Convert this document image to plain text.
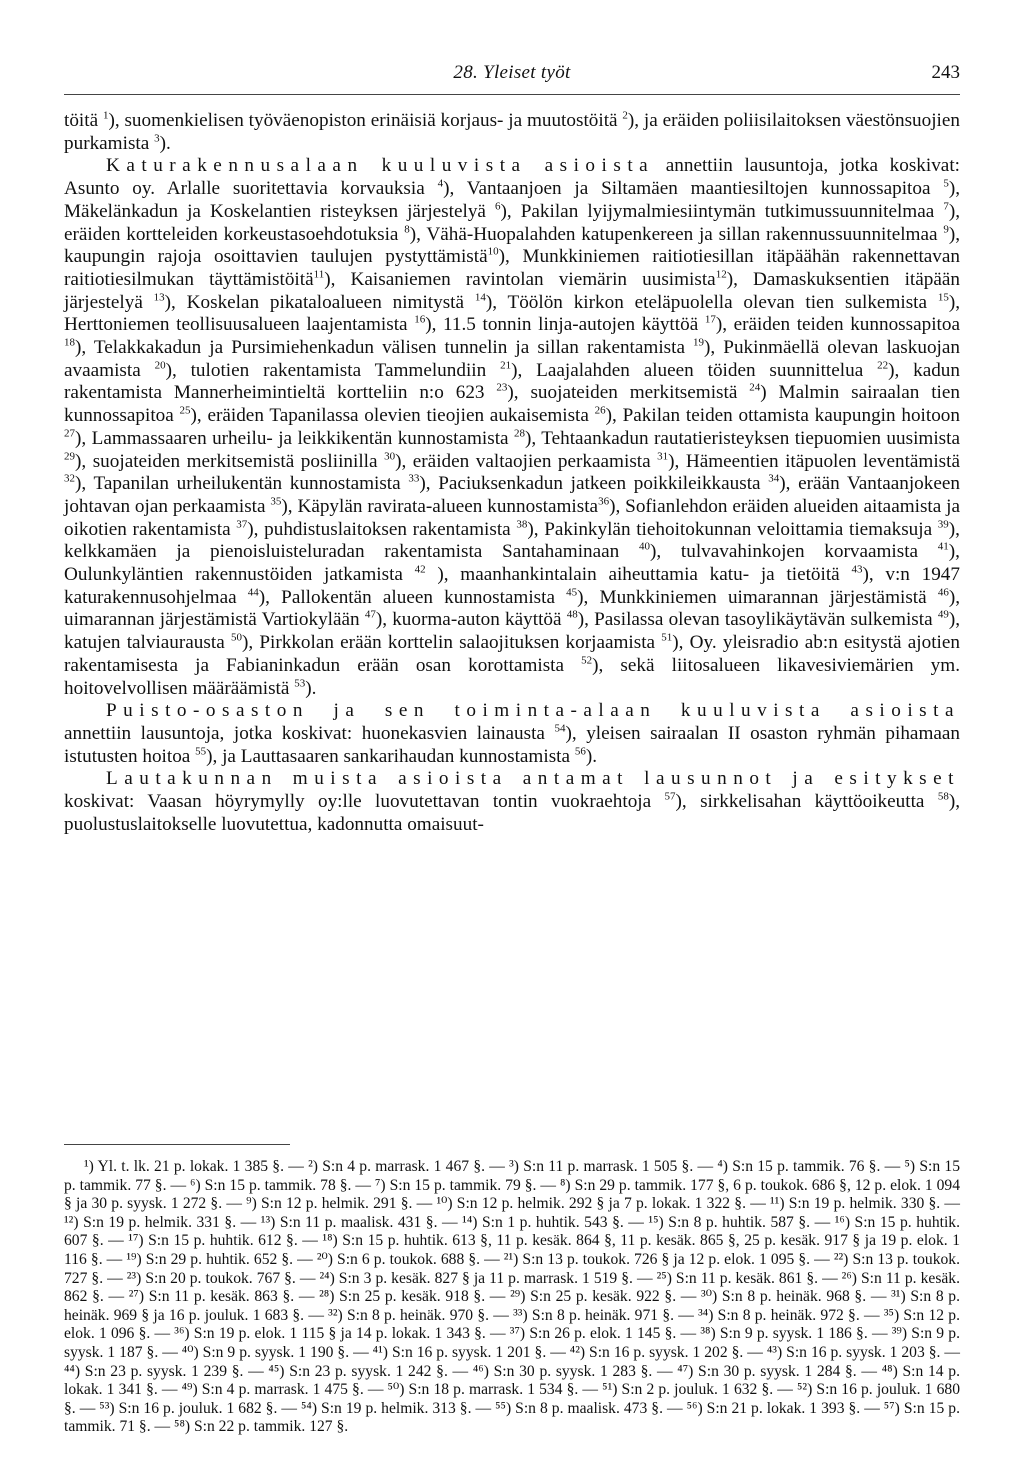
28. Yleiset työt	243

töitä $^1$), suomenkielisen työväenopiston erinäisiä korjaus- ja muutostöitä $^2$), ja eräiden poliisilaitoksen väestönsuojien purkamista $^3$).

Katurakennusalaan kuuluvista asioista annettiin lausuntoja, jotka koskivat: Asunto oy. Arlalle suoritettavia korvauksia $^4$), Vantaanjoen ja Siltamäen maantiesiltojen kunnossapitoa $^5$), Mäkelänkadun ja Koskelantien risteyksen järjestelyä $^6$), Pakilan lyijymalmiesiintymän tutkimussuunnitelmaa $^7$), eräiden kortteleiden korkeustasoehdotuksia $^8$), Vähä-Huopalahden katupenkereen ja sillan rakennussuunnitelmaa $^9$), kaupungin rajoja osoittavien taulujen pystyttämistä$^{10}$), Munkkiniemen raitiotiesillan itäpäähän rakennettavan raitiotiesilmukan täyttämistöitä$^{11}$), Kaisaniemen ravintolan viemärin uusimista$^{12}$), Damaskuksentien itäpään järjestelyä $^{13}$), Koskelan pikataloalueen nimitystä $^{14}$), Töölön kirkon eteläpuolella olevan tien sulkemista $^{15}$), Herttoniemen teollisuusalueen laajentamista $^{16}$), 11.5 tonnin linja-autojen käyttöä $^{17}$), eräiden teiden kunnossapitoa $^{18}$), Telakkakadun ja Pursimiehenkadun välisen tunnelin ja sillan rakentamista $^{19}$), Pukinmäellä olevan laskuojan avaamista $^{20}$), tulotien rakentamista Tammelundiin $^{21}$), Laajalahden alueen töiden suunnittelua $^{22}$), kadun rakentamista Mannerheimintieltä kortteliin n:o 623 $^{23}$), suojateiden merkitsemistä $^{24}$) Malmin sairaalan tien kunnossapitoa $^{25}$), eräiden Tapanilassa olevien tieojien aukaisemista $^{26}$), Pakilan teiden ottamista kaupungin hoitoon $^{27}$), Lammassaaren urheilu- ja leikkikentän kunnostamista $^{28}$), Tehtaankadun rautatieristeyksen tiepuomien uusimista $^{29}$), suojateiden merkitsemistä posliinilla $^{30}$), eräiden valtaojien perkaamista $^{31}$), Hämeentien itäpuolen leventämistä $^{32}$), Tapanilan urheilukentän kunnostamista $^{33}$), Paciuksenkadun jatkeen poikkileikkausta $^{34}$), erään Vantaanjokeen johtavan ojan perkaamista $^{35}$), Käpylän ravirata-alueen kunnostamista$^{36}$), Sofianlehdon eräiden alueiden aitaamista ja oikotien rakentamista $^{37}$), puhdistuslaitoksen rakentamista $^{38}$), Pakinkylän tiehoitokunnan veloittamia tiemaksuja $^{39}$), kelkkamäen ja pienoisluisteluradan rakentamista Santahaminaan $^{40}$), tulvavahinkojen korvaamista $^{41}$), Oulunkyläntien rakennustöiden jatkamista $^{42}$ ), maanhankintalain aiheuttamia katu- ja tietöitä $^{43}$), v:n 1947 katurakennusohjelmaa $^{44}$), Pallokentän alueen kunnostamista $^{45}$), Munkkiniemen uimarannan järjestämistä $^{46}$), uimarannan järjestämistä Vartiokylään $^{47}$), kuorma-auton käyttöä $^{48}$), Pasilassa olevan tasoylikäytävän sulkemista $^{49}$), katujen talviaurausta $^{50}$), Pirkkolan erään korttelin salaojituksen korjaamista $^{51}$), Oy. yleisradio ab:n esitystä ajotien rakentamisesta ja Fabianinkadun erään osan korottamista $^{52}$), sekä liitosalueen likavesiviemärien ym. hoitovelvollisen määräämistä $^{53}$).

Puisto-osaston ja sen toiminta-alaan kuuluvista asioista annettiin lausuntoja, jotka koskivat: huonekasvien lainausta $^{54}$), yleisen sairaalan II osaston ryhmän pihamaan istutusten hoitoa $^{55}$), ja Lauttasaaren sankarihaudan kunnostamista $^{56}$).

Lautakunnan muista asioista antamat lausunnot ja esitykset koskivat: Vaasan höyrymylly oy:lle luovutettavan tontin vuokraehtoja $^{57}$), sirkkelisahan käyttöoikeutta $^{58}$), puolustuslaitokselle luovutettua, kadonnutta omaisuut-

¹) Yl. t. lk. 21 p. lokak. 1 385 §. — ²) S:n 4 p. marrask. 1 467 §. — ³) S:n 11 p. marrask. 1 505 §. — ⁴) S:n 15 p. tammik. 76 §. — ⁵) S:n 15 p. tammik. 77 §. — ⁶) S:n 15 p. tammik. 78 §. — ⁷) S:n 15 p. tammik. 79 §. — ⁸) S:n 29 p. tammik. 177 §, 6 p. toukok. 686 §, 12 p. elok. 1 094 § ja 30 p. syysk. 1 272 §. — ⁹) S:n 12 p. helmik. 291 §. — ¹⁰) S:n 12 p. helmik. 292 § ja 7 p. lokak. 1 322 §. — ¹¹) S:n 19 p. helmik. 330 §. — ¹²) S:n 19 p. helmik. 331 §. — ¹³) S:n 11 p. maalisk. 431 §. — ¹⁴) S:n 1 p. huhtik. 543 §. — ¹⁵) S:n 8 p. huhtik. 587 §. — ¹⁶) S:n 15 p. huhtik. 607 §. — ¹⁷) S:n 15 p. huhtik. 612 §. — ¹⁸) S:n 15 p. huhtik. 613 §, 11 p. kesäk. 864 §, 11 p. kesäk. 865 §, 25 p. kesäk. 917 § ja 19 p. elok. 1 116 §. — ¹⁹) S:n 29 p. huhtik. 652 §. — ²⁰) S:n 6 p. toukok. 688 §. — ²¹) S:n 13 p. toukok. 726 § ja 12 p. elok. 1 095 §. — ²²) S:n 13 p. toukok. 727 §. — ²³) S:n 20 p. toukok. 767 §. — ²⁴) S:n 3 p. kesäk. 827 § ja 11 p. marrask. 1 519 §. — ²⁵) S:n 11 p. kesäk. 861 §. — ²⁶) S:n 11 p. kesäk. 862 §. — ²⁷) S:n 11 p. kesäk. 863 §. — ²⁸) S:n 25 p. kesäk. 918 §. — ²⁹) S:n 25 p. kesäk. 922 §. — ³⁰) S:n 8 p. heinäk. 968 §. — ³¹) S:n 8 p. heinäk. 969 § ja 16 p. jouluk. 1 683 §. — ³²) S:n 8 p. heinäk. 970 §. — ³³) S:n 8 p. heinäk. 971 §. — ³⁴) S:n 8 p. heinäk. 972 §. — ³⁵) S:n 12 p. elok. 1 096 §. — ³⁶) S:n 19 p. elok. 1 115 § ja 14 p. lokak. 1 343 §. — ³⁷) S:n 26 p. elok. 1 145 §. — ³⁸) S:n 9 p. syysk. 1 186 §. — ³⁹) S:n 9 p. syysk. 1 187 §. — ⁴⁰) S:n 9 p. syysk. 1 190 §. — ⁴¹) S:n 16 p. syysk. 1 201 §. — ⁴²) S:n 16 p. syysk. 1 202 §. — ⁴³) S:n 16 p. syysk. 1 203 §. — ⁴⁴) S:n 23 p. syysk. 1 239 §. — ⁴⁵) S:n 23 p. syysk. 1 242 §. — ⁴⁶) S:n 30 p. syysk. 1 283 §. — ⁴⁷) S:n 30 p. syysk. 1 284 §. — ⁴⁸) S:n 14 p. lokak. 1 341 §. — ⁴⁹) S:n 4 p. marrask. 1 475 §. — ⁵⁰) S:n 18 p. marrask. 1 534 §. — ⁵¹) S:n 2 p. jouluk. 1 632 §. — ⁵²) S:n 16 p. jouluk. 1 680 §. — ⁵³) S:n 16 p. jouluk. 1 682 §. — ⁵⁴) S:n 19 p. helmik. 313 §. — ⁵⁵) S:n 8 p. maalisk. 473 §. — ⁵⁶) S:n 21 p. lokak. 1 393 §. — ⁵⁷) S:n 15 p. tammik. 71 §. — ⁵⁸) S:n 22 p. tammik. 127 §.
